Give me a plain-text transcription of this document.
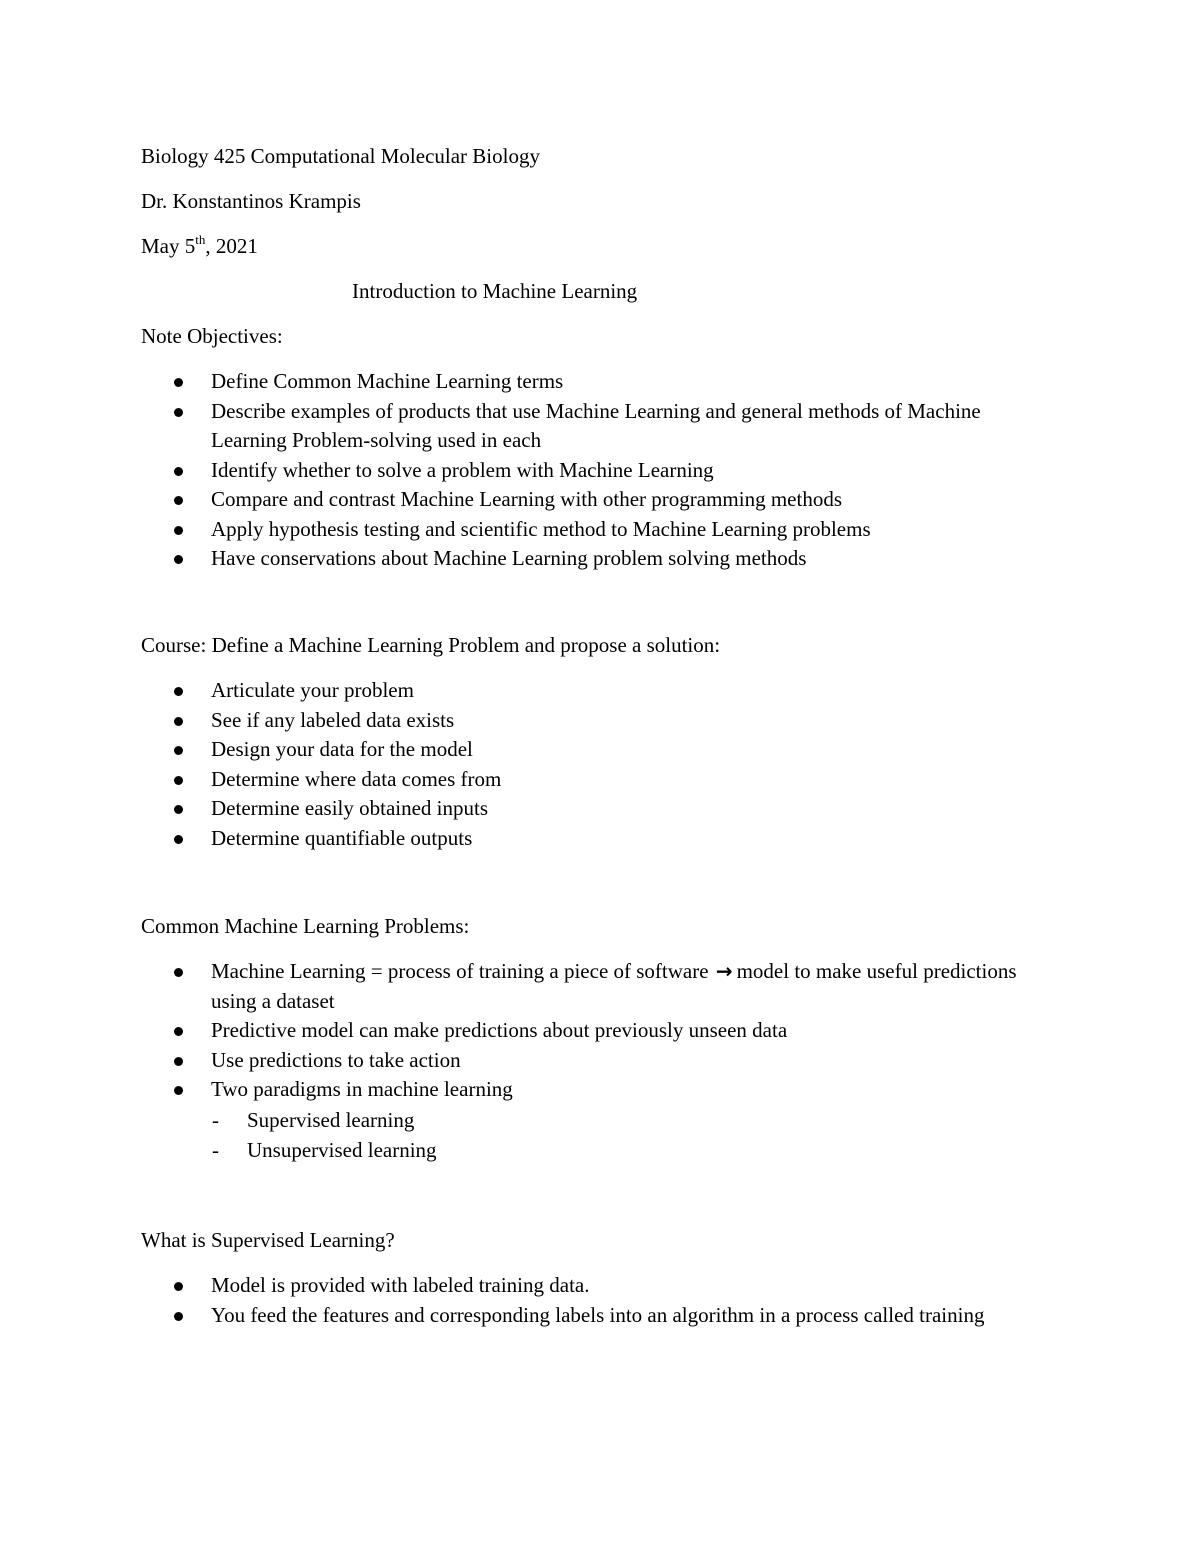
Biology 425 Computational Molecular Biology
Dr. Konstantinos Krampis
May 5th, 2021
Introduction to Machine Learning
Note Objectives:
Define Common Machine Learning terms
Describe examples of products that use Machine Learning and general methods of Machine Learning Problem-solving used in each
Identify whether to solve a problem with Machine Learning
Compare and contrast Machine Learning with other programming methods
Apply hypothesis testing and scientific method to Machine Learning problems
Have conservations about Machine Learning problem solving methods
Course: Define a Machine Learning Problem and propose a solution:
Articulate your problem
See if any labeled data exists
Design your data for the model
Determine where data comes from
Determine easily obtained inputs
Determine quantifiable outputs
Common Machine Learning Problems:
Machine Learning = process of training a piece of software → model to make useful predictions using a dataset
Predictive model can make predictions about previously unseen data
Use predictions to take action
Two paradigms in machine learning
- Supervised learning
- Unsupervised learning
What is Supervised Learning?
Model is provided with labeled training data.
You feed the features and corresponding labels into an algorithm in a process called training
